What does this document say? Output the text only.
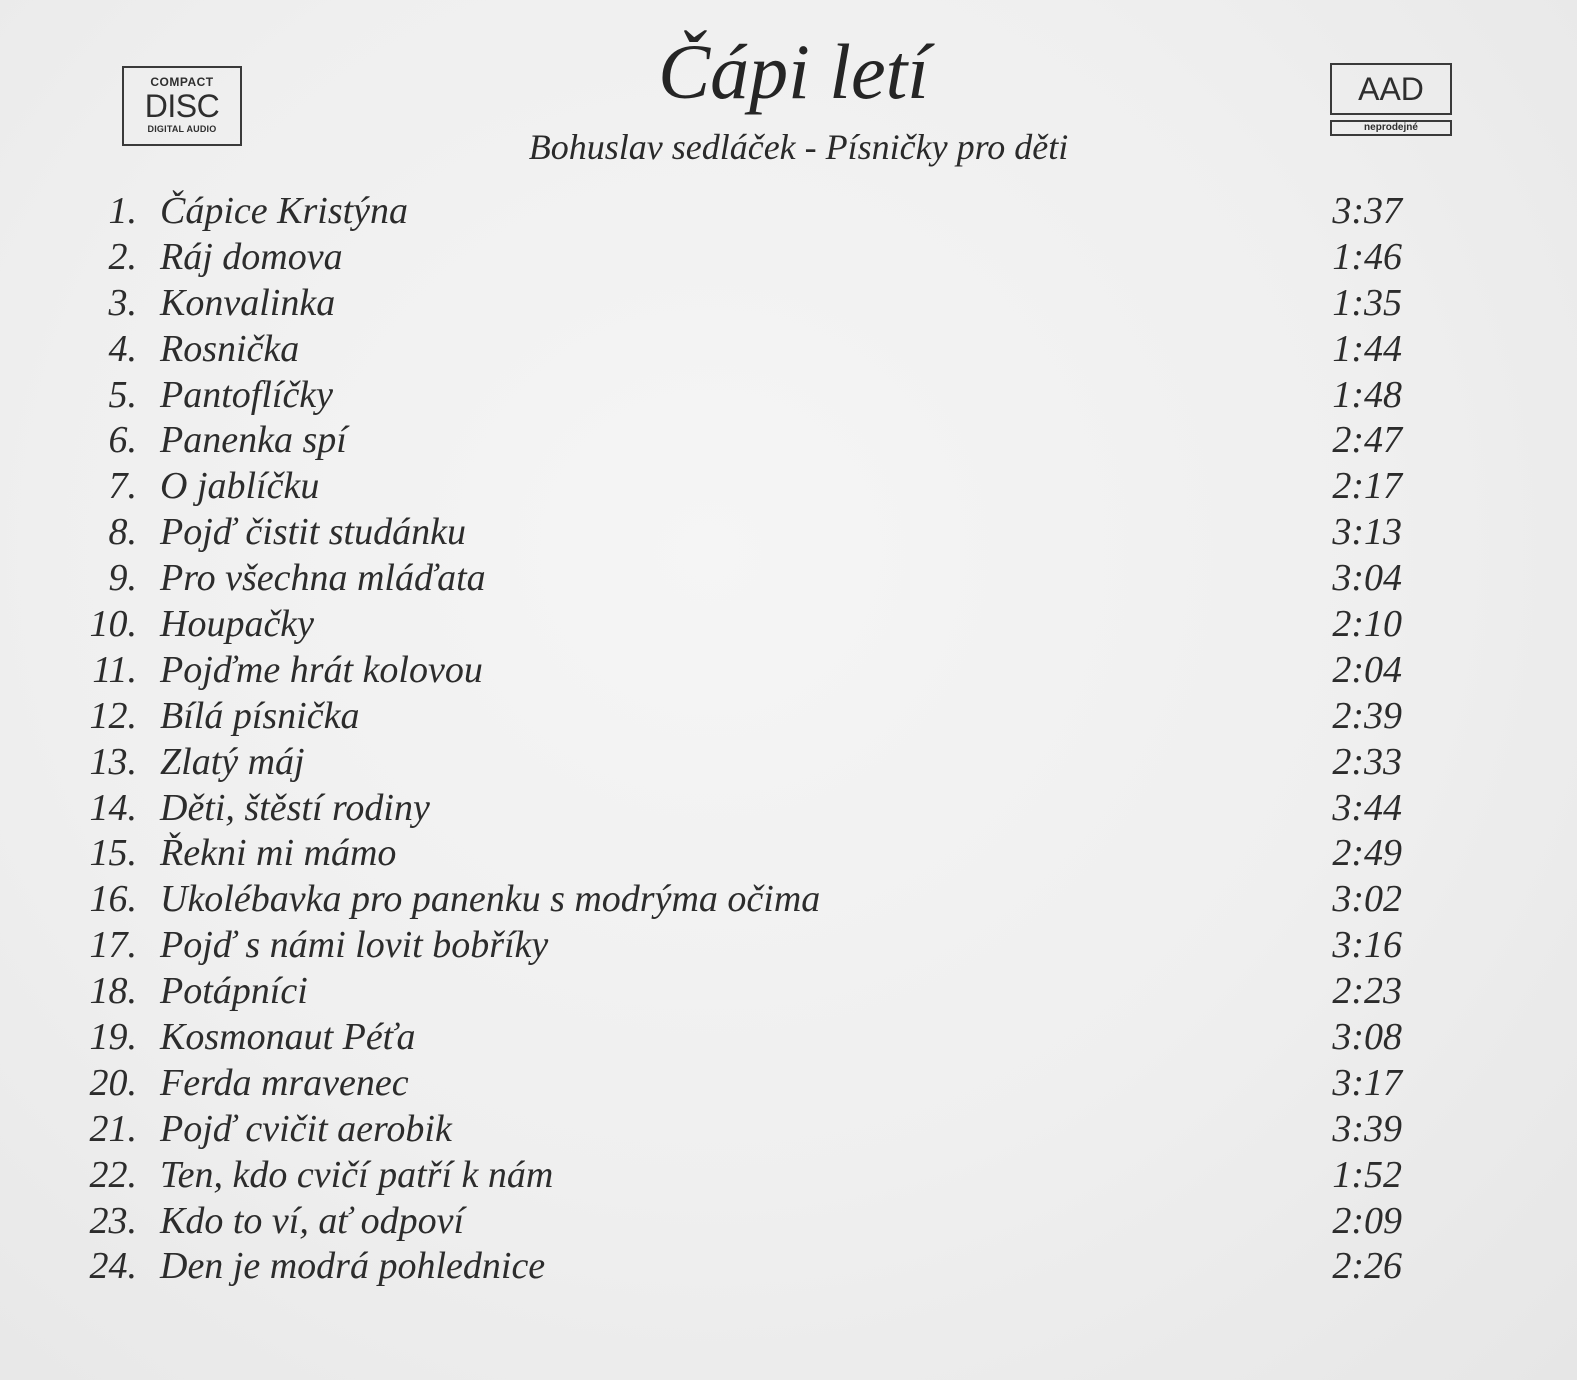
COMPACT
DISC
DIGITAL AUDIO
Čápi letí
Bohuslav sedláček - Písničky pro děti
AAD
neprodejné
1. Čápice Kristýna	3:37
2. Ráj domova	1:46
3. Konvalinka	1:35
4. Rosnička	1:44
5. Pantoflíčky	1:48
6. Panenka spí	2:47
7. O jablíčku	2:17
8. Pojď čistit studánku	3:13
9. Pro všechna mláďata	3:04
10. Houpačky	2:10
11. Pojďme hrát kolovou	2:04
12. Bílá písnička	2:39
13. Zlatý máj	2:33
14. Děti, štěstí rodiny	3:44
15. Řekni mi mámo	2:49
16. Ukolébavka pro panenku s modrýma očima	3:02
17. Pojď s námi lovit bobříky	3:16
18. Potápníci	2:23
19. Kosmonaut Péťa	3:08
20. Ferda mravenec	3:17
21. Pojď cvičit aerobik	3:39
22. Ten, kdo cvičí patří k nám	1:52
23. Kdo to ví, ať odpoví	2:09
24. Den je modrá pohlednice	2:26
